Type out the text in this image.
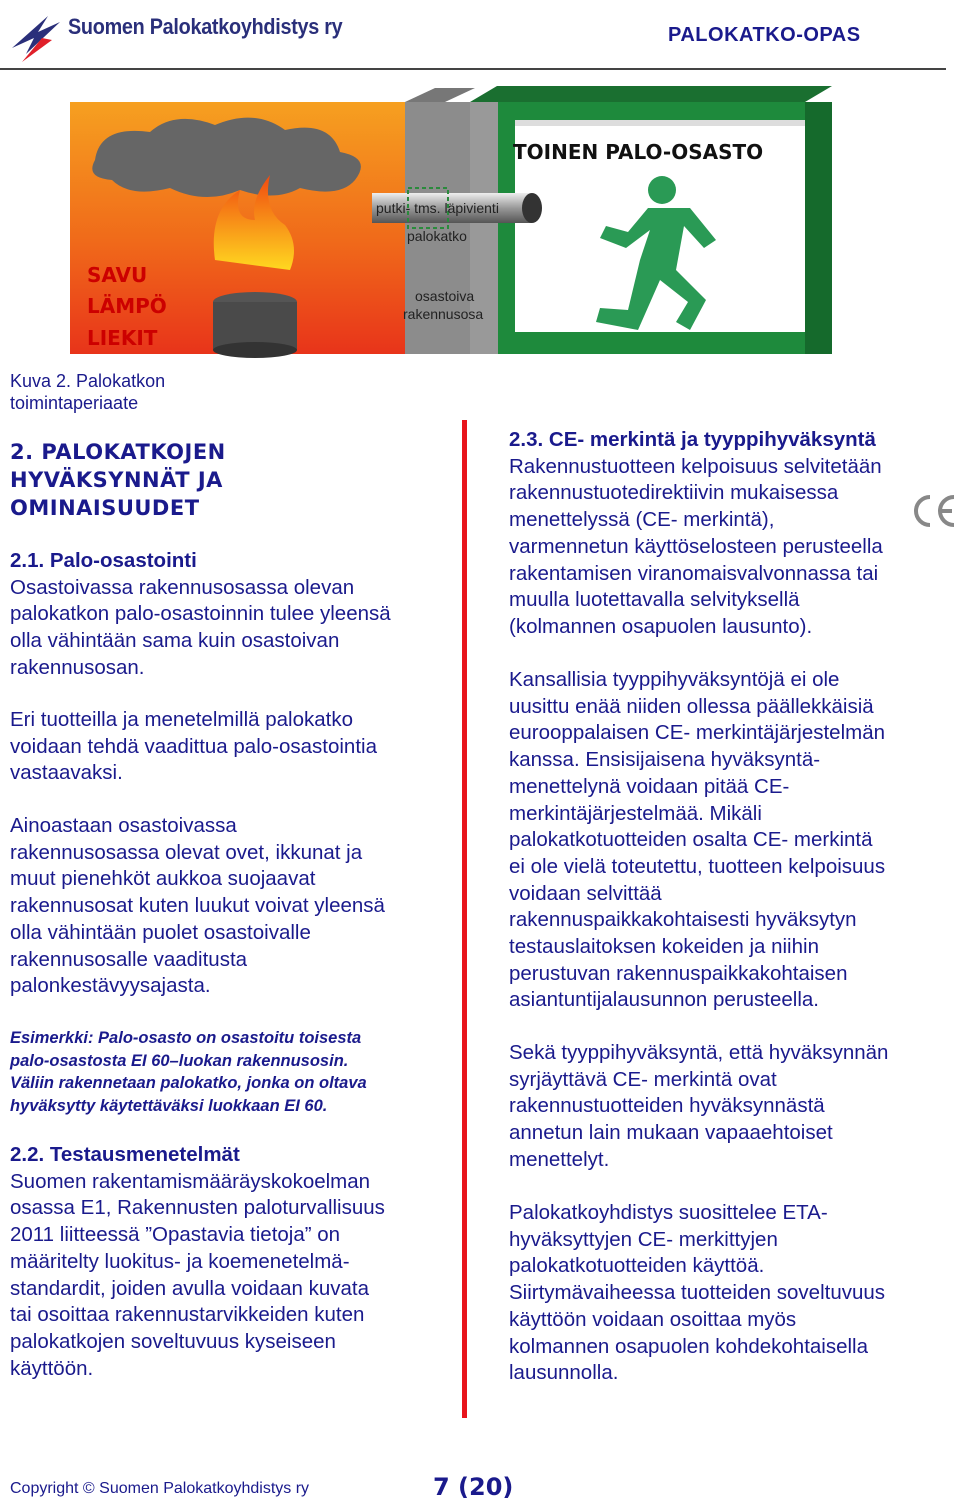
Suomen Palokatkoyhdistys ry	PALOKATKO-OPAS
putki- tms. läpivienti
palokatko
osastoiva
rakennusosa
TOINEN PALO-OSASTO
SAVU
LÄMPÖ
LIEKIT
Kuva 2. Palokatkon
toimintaperiaate
2. PALOKATKOJEN
HYVÄKSYNNÄT JA
OMINAISUUDET
2.1. Palo-osastointi
Osastoivassa rakennusosassa olevan
palokatkon palo-osastoinnin tulee yleensä
olla vähintään sama kuin osastoivan
rakennusosan.
Eri tuotteilla ja menetelmillä palokatko
voidaan tehdä vaadittua palo-osastointia
vastaavaksi.
Ainoastaan osastoivassa
rakennusosassa olevat ovet, ikkunat ja
muut pienehköt aukkoa suojaavat
rakennusosat kuten luukut voivat yleensä
olla vähintään puolet osastoivalle
rakennusosalle vaaditusta
palonkestävyysajasta.
Esimerkki: Palo-osasto on osastoitu toisesta
palo-osastosta EI 60–luokan rakennusosin.
Väliin rakennetaan palokatko, jonka on oltava
hyväksytty käytettäväksi luokkaan EI 60.
2.2. Testausmenetelmät
Suomen rakentamismääräyskokoelman
osassa E1, Rakennusten paloturvallisuus
2011 liitteessä ”Opastavia tietoja” on
määritelty luokitus- ja koemenetelmä-
standardit, joiden avulla voidaan kuvata
tai osoittaa rakennustarvikkeiden kuten
palokatkojen soveltuvuus kyseiseen
käyttöön.
2.3. CE- merkintä ja tyyppihyväksyntä
Rakennustuotteen kelpoisuus selvitetään
rakennustuotedirektiivin mukaisessa
menettelyssä (CE- merkintä),
varmennetun käyttöselosteen perusteella
rakentamisen viranomaisvalvonnassa tai
muulla luotettavalla selvityksellä
(kolmannen osapuolen lausunto).
Kansallisia tyyppihyväksyntöjä ei ole
uusittu enää niiden ollessa päällekkäisiä
eurooppalaisen CE- merkintäjärjestelmän
kanssa. Ensisijaisena hyväksyntä-
menettelynä voidaan pitää CE-
merkintäjärjestelmää. Mikäli
palokatkotuotteiden osalta CE- merkintä
ei ole vielä toteutettu, tuotteen kelpoisuus
voidaan selvittää
rakennuspaikkakohtaisesti hyväksytyn
testauslaitoksen kokeiden ja niihin
perustuvan rakennuspaikkakohtaisen
asiantuntijalausunnon perusteella.
Sekä tyyppihyväksyntä, että hyväksynnän
syrjäyttävä CE- merkintä ovat
rakennustuotteiden hyväksynnästä
annetun lain mukaan vapaaehtoiset
menettelyt.
Palokatkoyhdistys suosittelee ETA-
hyväksyttyjen CE- merkittyjen
palokatkotuotteiden käyttöä.
Siirtymävaiheessa tuotteiden soveltuvuus
käyttöön voidaan osoittaa myös
kolmannen osapuolen kohdekohtaisella
lausunnolla.
Copyright © Suomen Palokatkoyhdistys ry	7 (20)
